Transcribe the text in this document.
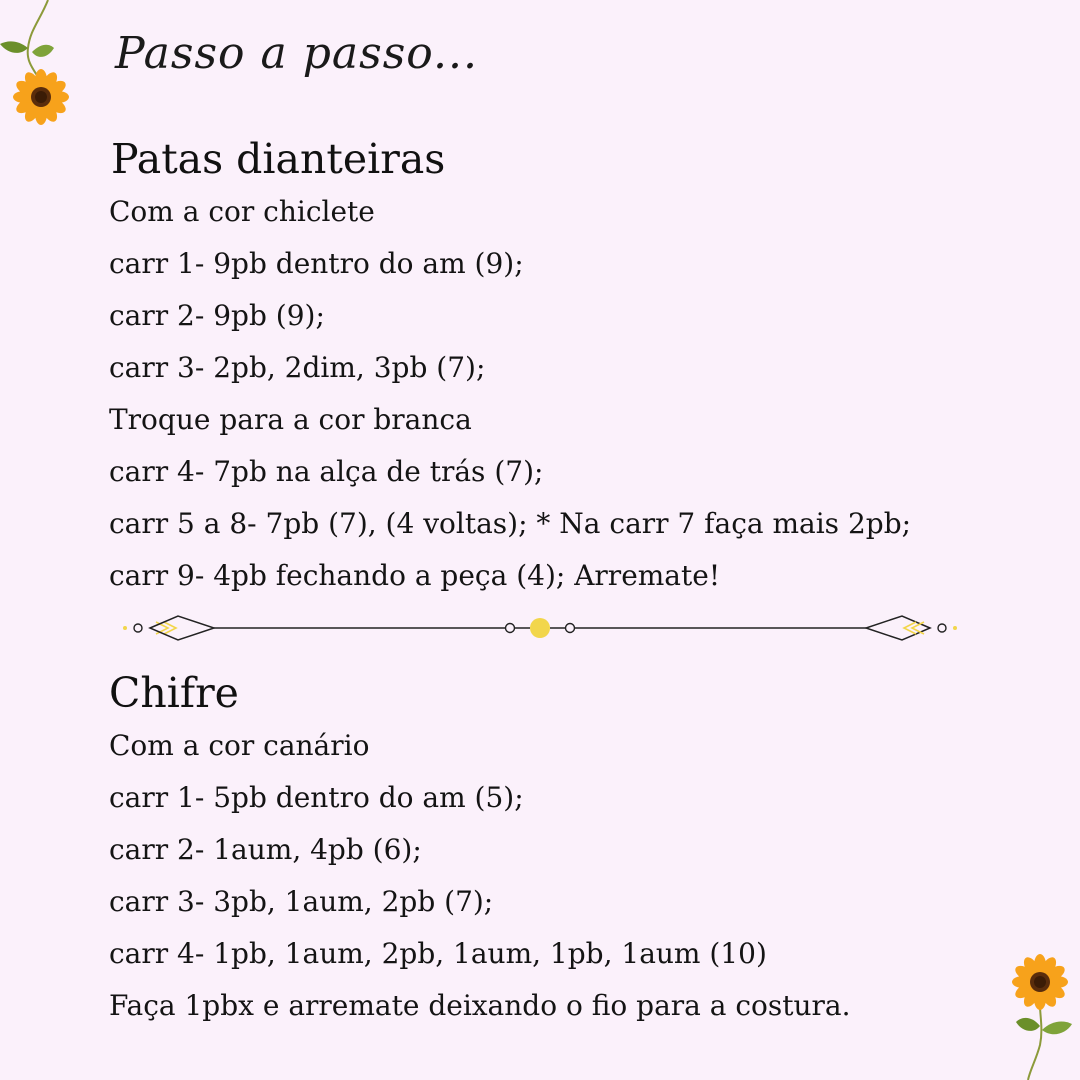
Passo a passo...
Patas dianteiras
Com a cor chiclete
carr 1- 9pb dentro do am (9);
carr 2- 9pb (9);
carr 3- 2pb, 2dim, 3pb (7);
Troque para a cor branca
carr 4- 7pb na alça de trás (7);
carr 5 a 8- 7pb (7), (4 voltas); * Na carr 7 faça mais 2pb;
carr 9- 4pb fechando a peça (4); Arremate!
Chifre
Com a cor canário
carr 1- 5pb dentro do am (5);
carr 2- 1aum, 4pb (6);
carr 3- 3pb, 1aum, 2pb (7);
carr 4- 1pb, 1aum, 2pb, 1aum, 1pb, 1aum (10)
Faça 1pbx e arremate deixando o fio para a costura.
